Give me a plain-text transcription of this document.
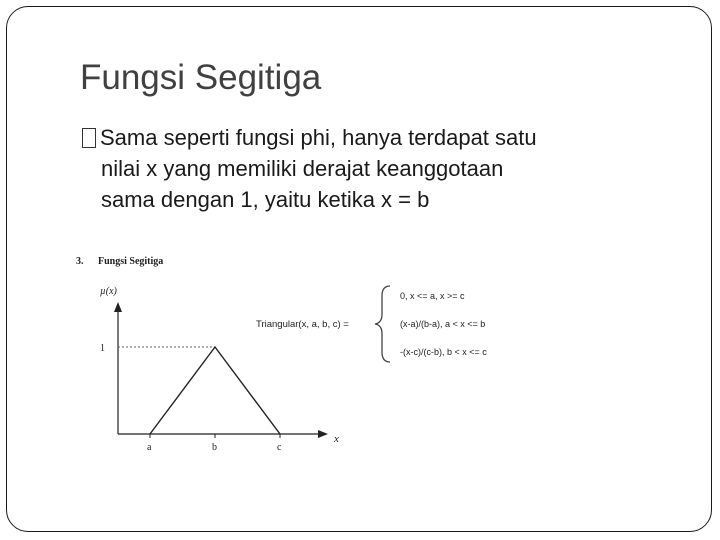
Fungsi Segitiga
Sama seperti fungsi phi, hanya terdapat satu
nilai x yang memiliki derajat keanggotaan
sama dengan 1, yaitu ketika x = b
3. Fungsi Segitiga
µ(x)
x
1
a	b	c
Triangular(x, a, b, c) =
0, x <= a, x >= c
(x-a)/(b-a), a < x <= b
-(x-c)/(c-b), b < x <= c
